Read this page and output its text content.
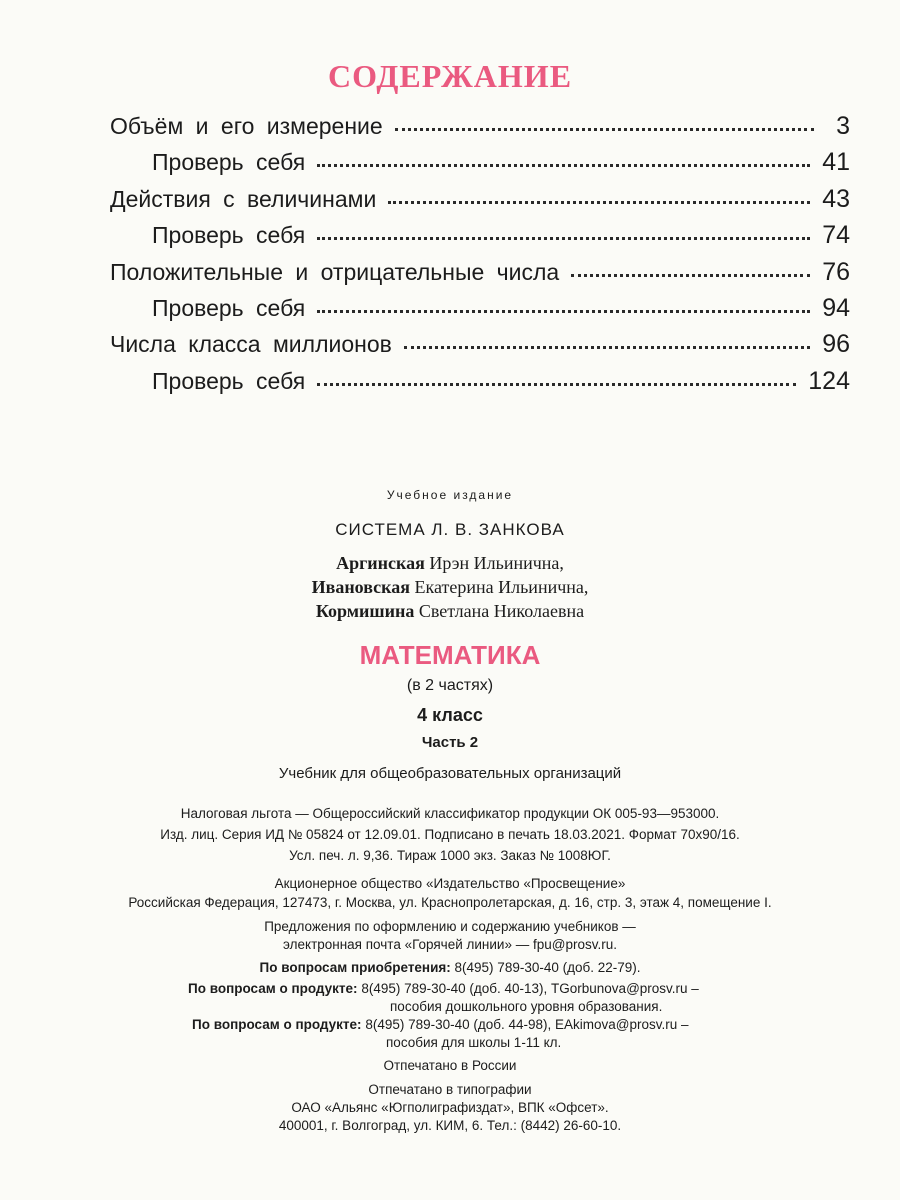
СОДЕРЖАНИЕ
Объём и его измерение	3
Проверь себя	41
Действия с величинами	43
Проверь себя	74
Положительные и отрицательные числа	76
Проверь себя	94
Числа класса миллионов	96
Проверь себя	124
Учебное издание
СИСТЕМА Л. В. ЗАНКОВА
Аргинская Ирэн Ильинична,
Ивановская Екатерина Ильинична,
Кормишина Светлана Николаевна
МАТЕМАТИКА
(в 2 частях)
4 класс
Часть 2
Учебник для общеобразовательных организаций
Налоговая льгота — Общероссийский классификатор продукции ОК 005-93—953000.
Изд. лиц. Серия ИД № 05824 от 12.09.01. Подписано в печать 18.03.2021. Формат 70х90/16.
Усл. печ. л. 9,36. Тираж 1000 экз. Заказ № 1008ЮГ.
Акционерное общество «Издательство «Просвещение»
Российская Федерация, 127473, г. Москва, ул. Краснопролетарская, д. 16, стр. 3, этаж 4, помещение I.
Предложения по оформлению и содержанию учебников —
электронная почта «Горячей линии» — fpu@prosv.ru.
По вопросам приобретения: 8(495) 789-30-40 (доб. 22-79).
По вопросам о продукте: 8(495) 789-30-40 (доб. 40-13), TGorbunova@prosv.ru –
пособия дошкольного уровня образования.
По вопросам о продукте: 8(495) 789-30-40 (доб. 44-98), EAkimova@prosv.ru –
пособия для школы 1-11 кл.
Отпечатано в России
Отпечатано в типографии
ОАО «Альянс «Югполиграфиздат», ВПК «Офсет».
400001, г. Волгоград, ул. КИМ, 6. Тел.: (8442) 26-60-10.
